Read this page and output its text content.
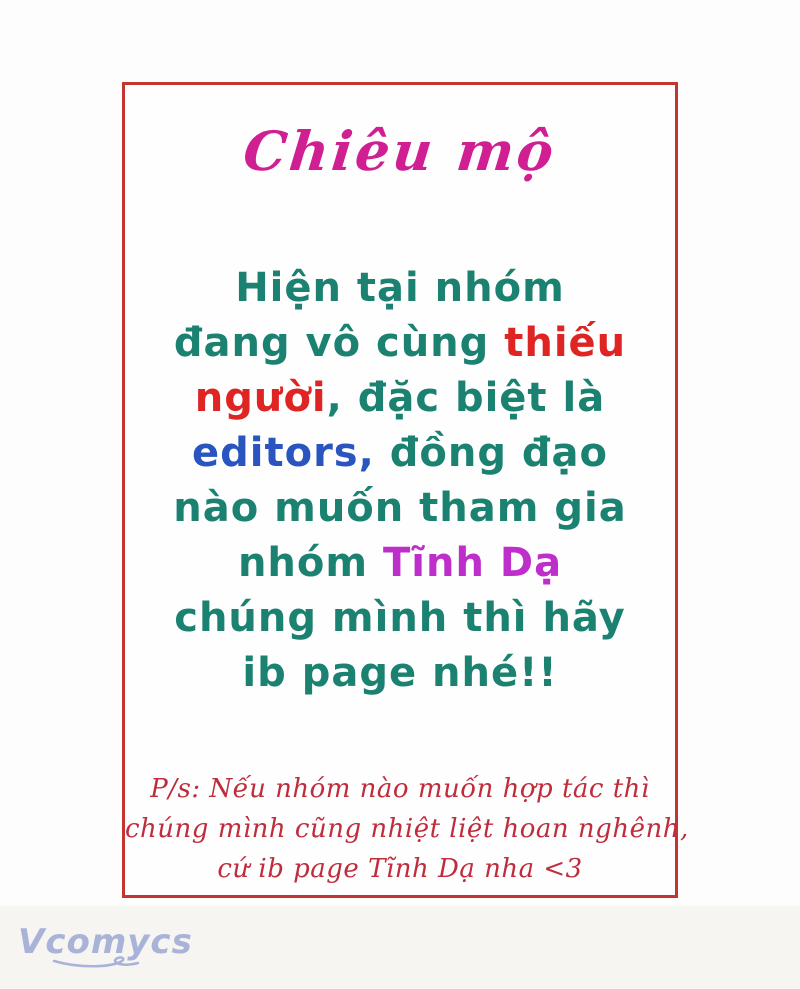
Chiêu mộ
Hiện tại nhóm
đang vô cùng thiếu
người, đặc biệt là
editors, đồng đạo
nào muốn tham gia
nhóm Tĩnh Dạ
chúng mình thì hãy
ib page nhé!!
P/s: Nếu nhóm nào muốn hợp tác thì
chúng mình cũng nhiệt liệt hoan nghênh,
cứ ib page Tĩnh Dạ nha <3
Vcomycs
